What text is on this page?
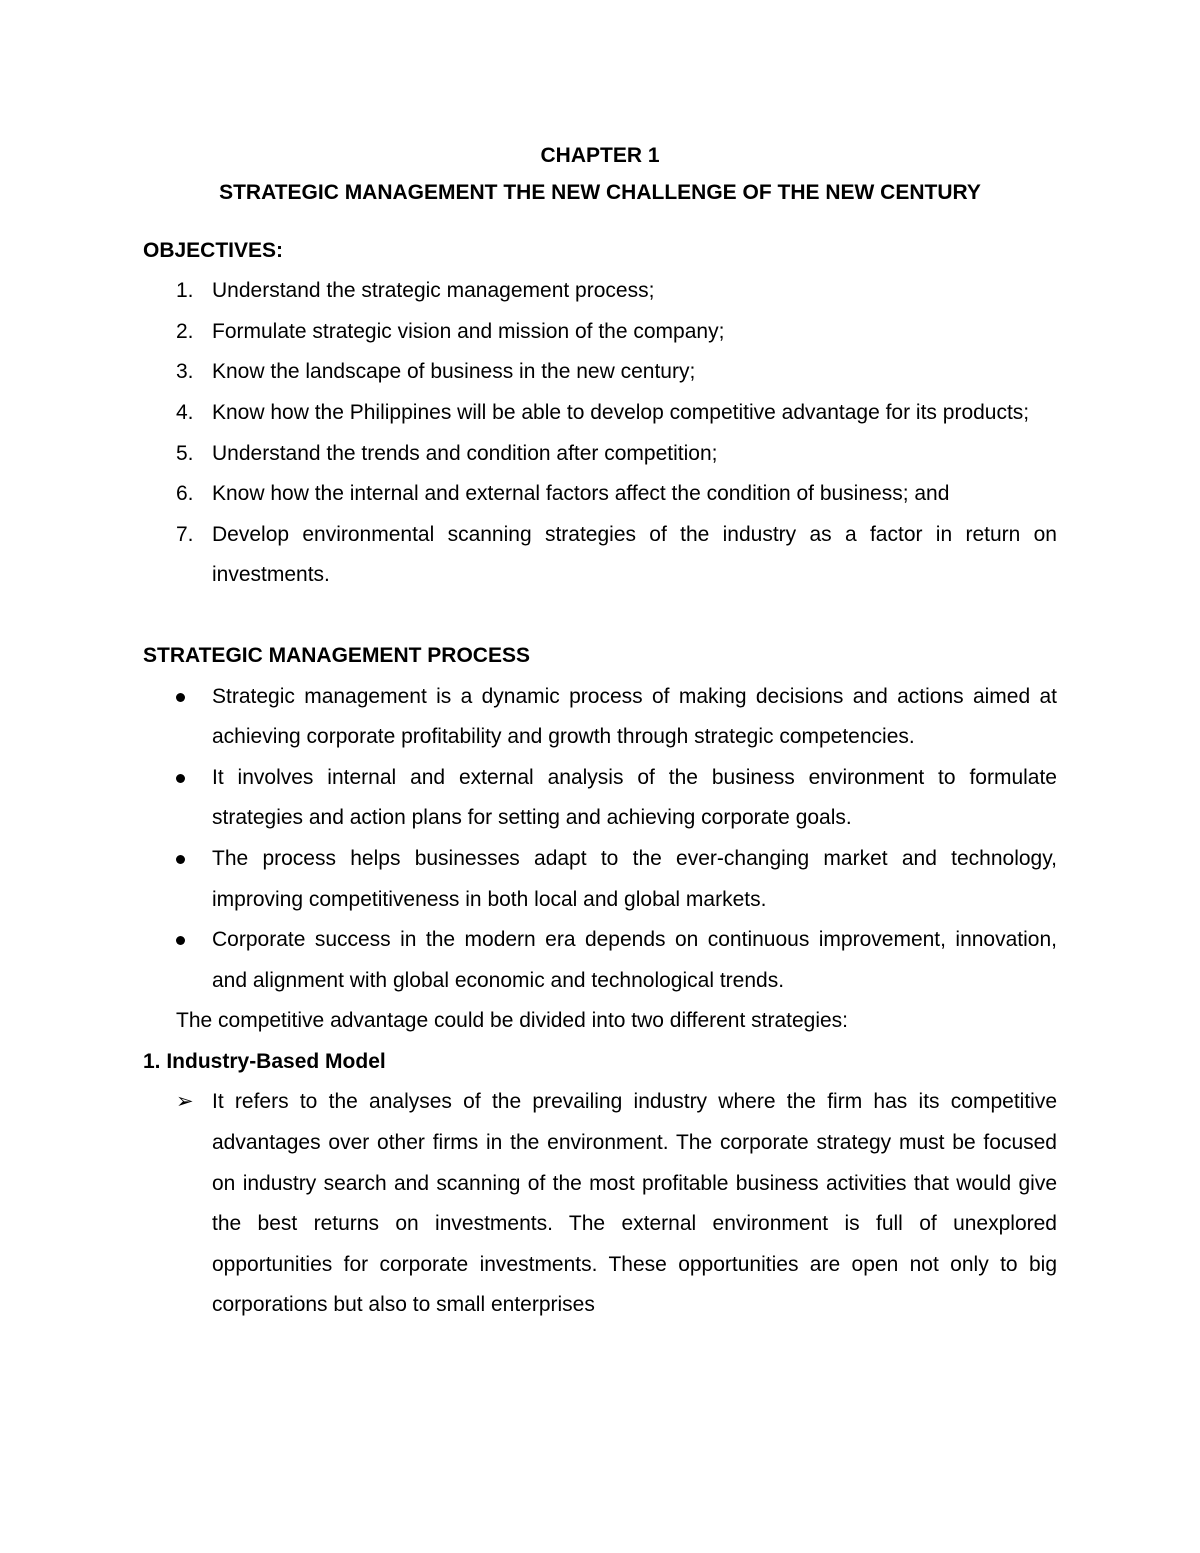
CHAPTER 1
STRATEGIC MANAGEMENT THE NEW CHALLENGE OF THE NEW CENTURY
OBJECTIVES:
1. Understand the strategic management process;
2. Formulate strategic vision and mission of the company;
3. Know the landscape of business in the new century;
4. Know how the Philippines will be able to develop competitive advantage for its products;
5. Understand the trends and condition after competition;
6. Know how the internal and external factors affect the condition of business; and
7. Develop environmental scanning strategies of the industry as a factor in return on investments.
STRATEGIC MANAGEMENT PROCESS
Strategic management is a dynamic process of making decisions and actions aimed at achieving corporate profitability and growth through strategic competencies.
It involves internal and external analysis of the business environment to formulate strategies and action plans for setting and achieving corporate goals.
The process helps businesses adapt to the ever-changing market and technology, improving competitiveness in both local and global markets.
Corporate success in the modern era depends on continuous improvement, innovation, and alignment with global economic and technological trends.
The competitive advantage could be divided into two different strategies:
1. Industry-Based Model
➢ It refers to the analyses of the prevailing industry where the firm has its competitive advantages over other firms in the environment. The corporate strategy must be focused on industry search and scanning of the most profitable business activities that would give the best returns on investments. The external environment is full of unexplored opportunities for corporate investments. These opportunities are open not only to big corporations but also to small enterprises
